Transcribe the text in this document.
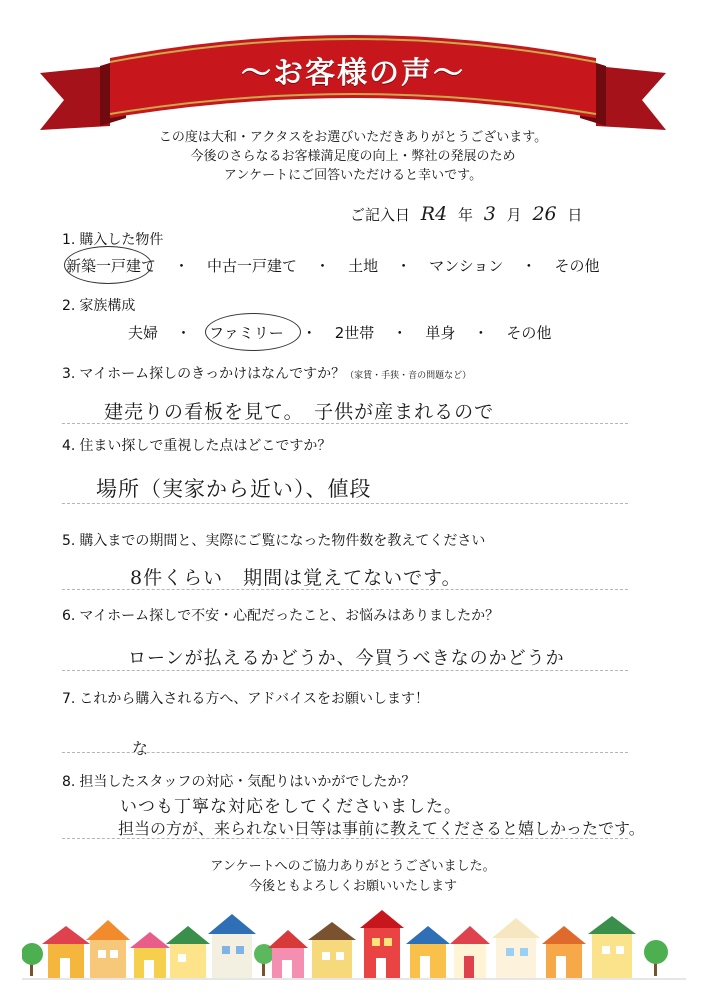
〜お客様の声〜
この度は大和・アクタスをお選びいただきありがとうございます。
今後のさらなるお客様満足度の向上・弊社の発展のため
アンケートにご回答いただけると幸いです。
ご記入日 R4 年 3 月 26 日
1. 購入した物件
新築一戸建て ・ 中古一戸建て ・ 土地 ・ マンション ・ その他
2. 家族構成
夫婦 ・ ファミリー ・ 2世帯 ・ 単身 ・ その他
3. マイホーム探しのきっかけはなんですか？（家賃・手狭・音の問題など）
建売りの看板を見て。　子供が産まれるので
4. 住まい探しで重視した点はどこですか？
場所（実家から近い）、値段
5. 購入までの期間と、実際にご覧になった物件数を教えてください
8件くらい　期間は覚えてないです。
6. マイホーム探しで不安・心配だったこと、お悩みはありましたか？
ローンが払えるかどうか、今買うべきなのかどうか
7. これから購入される方へ、アドバイスをお願いします！
な
8. 担当したスタッフの対応・気配りはいかがでしたか？
いつも丁寧な対応をしてくださいました。
担当の方が、来られない日等は事前に教えてくださると嬉しかったです。
アンケートへのご協力ありがとうございました。
今後ともよろしくお願いいたします
